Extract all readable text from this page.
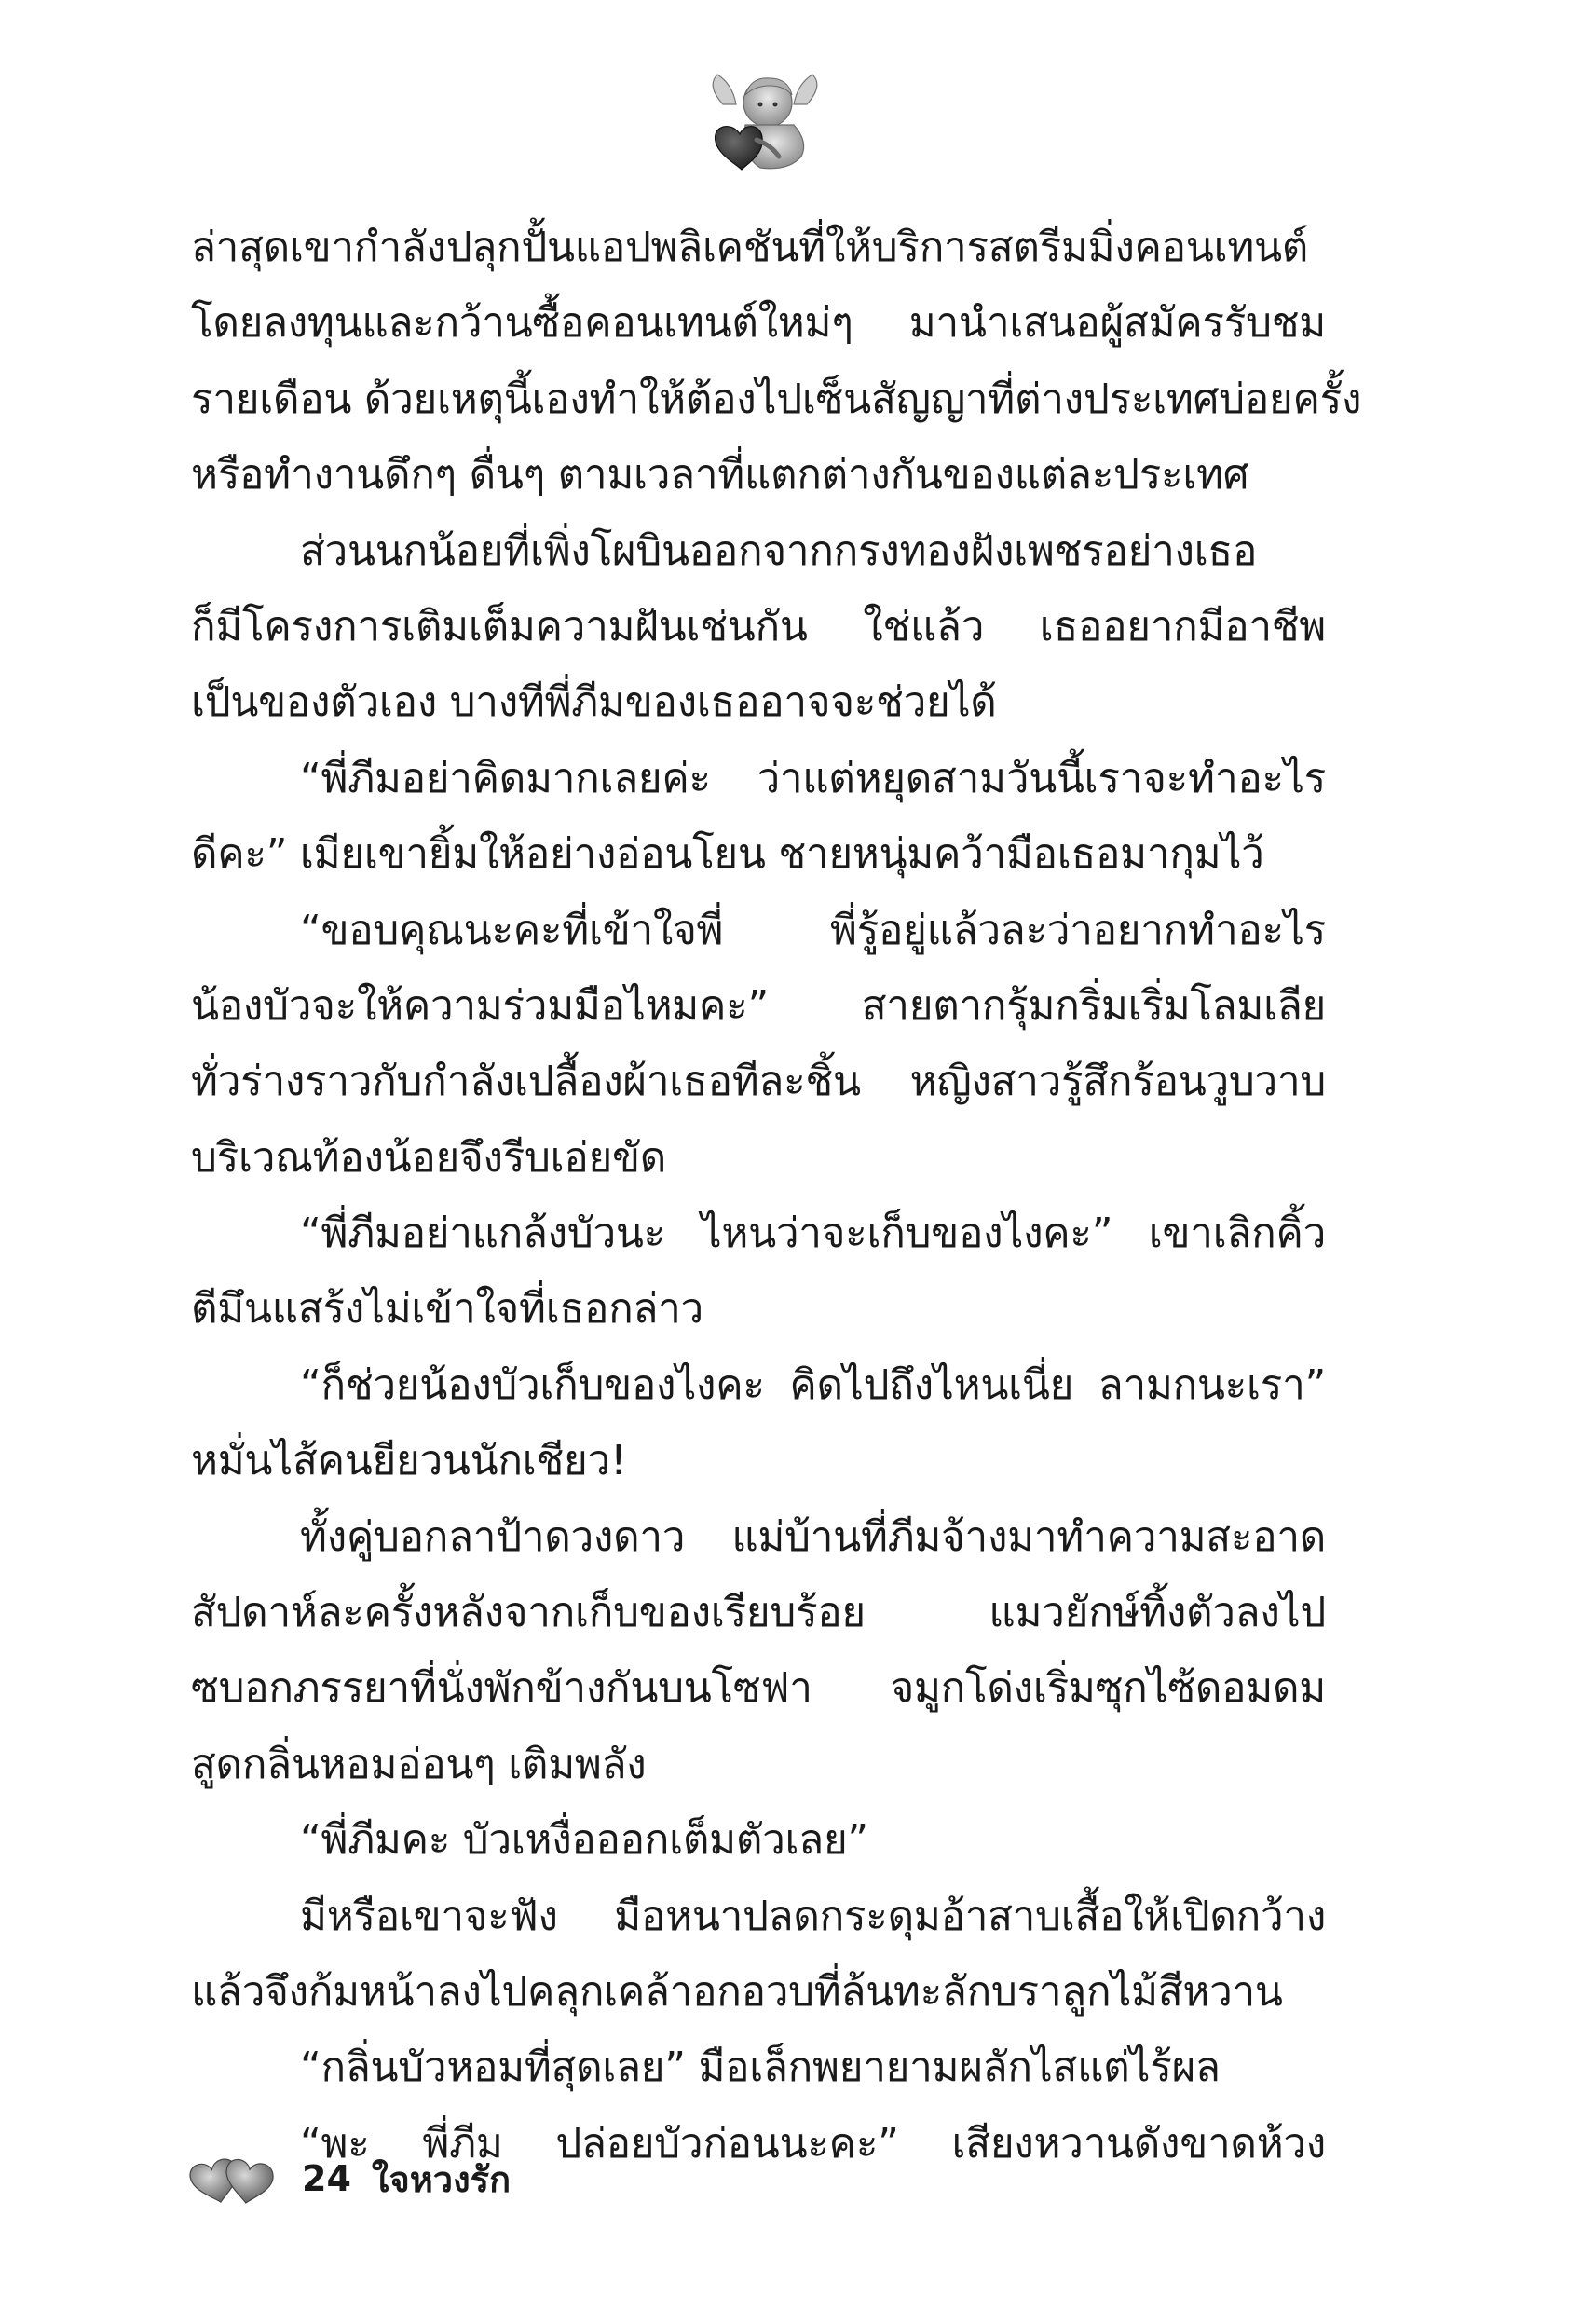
ล่าสุดเขากำลังปลุกปั้นแอปพลิเคชันที่ให้บริการสตรีมมิ่งคอนเทนต์
โดยลงทุนและกว้านซื้อคอนเทนต์ใหม่ๆ มานำเสนอผู้สมัครรับชม
รายเดือน ด้วยเหตุนี้เองทำให้ต้องไปเซ็นสัญญาที่ต่างประเทศบ่อยครั้ง
หรือทำงานดึกๆ ดื่นๆ ตามเวลาที่แตกต่างกันของแต่ละประเทศ
ส่วนนกน้อยที่เพิ่งโผบินออกจากกรงทองฝังเพชรอย่างเธอ
ก็มีโครงการเติมเต็มความฝันเช่นกัน ใช่แล้ว เธออยากมีอาชีพ
เป็นของตัวเอง บางทีพี่ภีมของเธออาจจะช่วยได้
“พี่ภีมอย่าคิดมากเลยค่ะ ว่าแต่หยุดสามวันนี้เราจะทำอะไร
ดีคะ” เมียเขายิ้มให้อย่างอ่อนโยน ชายหนุ่มคว้ามือเธอมากุมไว้
“ขอบคุณนะคะที่เข้าใจพี่ พี่รู้อยู่แล้วละว่าอยากทำอะไร
น้องบัวจะให้ความร่วมมือไหมคะ” สายตากรุ้มกริ่มเริ่มโลมเลีย
ทั่วร่างราวกับกำลังเปลื้องผ้าเธอทีละชิ้น หญิงสาวรู้สึกร้อนวูบวาบ
บริเวณท้องน้อยจึงรีบเอ่ยขัด
“พี่ภีมอย่าแกล้งบัวนะ ไหนว่าจะเก็บของไงคะ” เขาเลิกคิ้ว
ตีมึนแสร้งไม่เข้าใจที่เธอกล่าว
“ก็ช่วยน้องบัวเก็บของไงคะ คิดไปถึงไหนเนี่ย ลามกนะเรา”
หมั่นไส้คนยียวนนักเชียว!
ทั้งคู่บอกลาป้าดวงดาว แม่บ้านที่ภีมจ้างมาทำความสะอาด
สัปดาห์ละครั้งหลังจากเก็บของเรียบร้อย แมวยักษ์ทิ้งตัวลงไป
ซบอกภรรยาที่นั่งพักข้างกันบนโซฟา จมูกโด่งเริ่มซุกไซ้ดอมดม
สูดกลิ่นหอมอ่อนๆ เติมพลัง
“พี่ภีมคะ บัวเหงื่อออกเต็มตัวเลย”
มีหรือเขาจะฟัง มือหนาปลดกระดุมอ้าสาบเสื้อให้เปิดกว้าง
แล้วจึงก้มหน้าลงไปคลุกเคล้าอกอวบที่ล้นทะลักบราลูกไม้สีหวาน
“กลิ่นบัวหอมที่สุดเลย” มือเล็กพยายามผลักไสแต่ไร้ผล
“พะ พี่ภีม ปล่อยบัวก่อนนะคะ” เสียงหวานดังขาดห้วง
24 ใจหวงรัก
